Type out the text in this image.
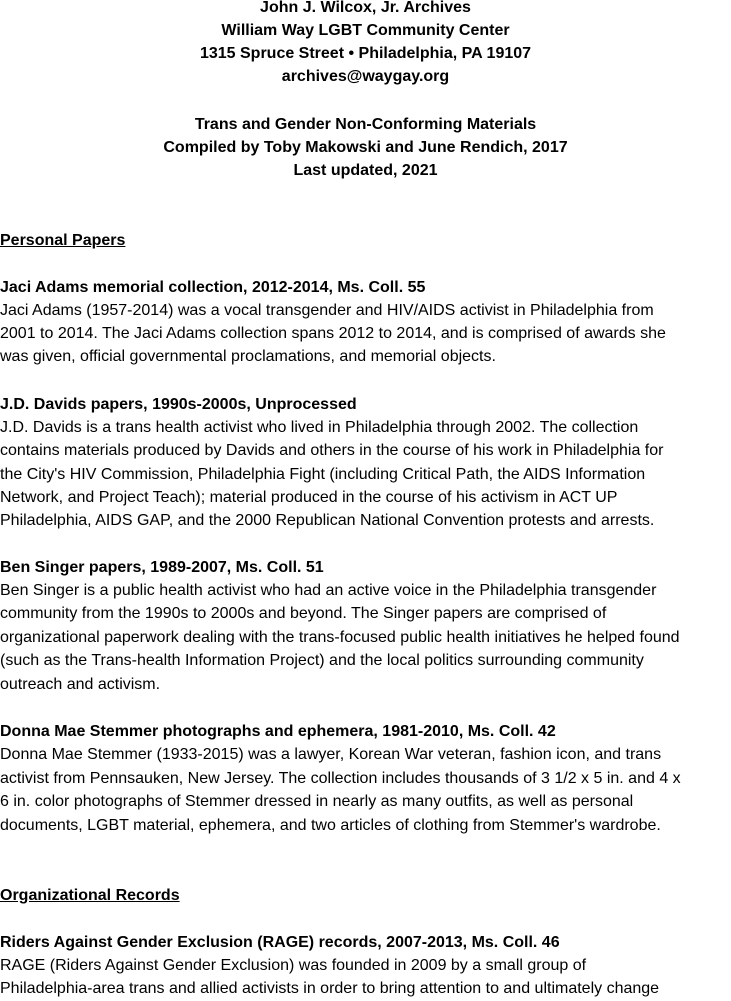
John J. Wilcox, Jr. Archives
William Way LGBT Community Center
1315 Spruce Street • Philadelphia, PA 19107
archives@waygay.org
Trans and Gender Non-Conforming Materials
Compiled by Toby Makowski and June Rendich, 2017
Last updated, 2021
Personal Papers
Jaci Adams memorial collection, 2012-2014, Ms. Coll. 55
Jaci Adams (1957-2014) was a vocal transgender and HIV/AIDS activist in Philadelphia from
2001 to 2014. The Jaci Adams collection spans 2012 to 2014, and is comprised of awards she
was given, official governmental proclamations, and memorial objects.
J.D. Davids papers, 1990s-2000s, Unprocessed
J.D. Davids is a trans health activist who lived in Philadelphia through 2002. The collection
contains materials produced by Davids and others in the course of his work in Philadelphia for
the City's HIV Commission, Philadelphia Fight (including Critical Path, the AIDS Information
Network, and Project Teach); material produced in the course of his activism in ACT UP
Philadelphia, AIDS GAP, and the 2000 Republican National Convention protests and arrests.
Ben Singer papers, 1989-2007, Ms. Coll. 51
Ben Singer is a public health activist who had an active voice in the Philadelphia transgender
community from the 1990s to 2000s and beyond. The Singer papers are comprised of
organizational paperwork dealing with the trans-focused public health initiatives he helped found
(such as the Trans-health Information Project) and the local politics surrounding community
outreach and activism.
Donna Mae Stemmer photographs and ephemera, 1981-2010, Ms. Coll. 42
Donna Mae Stemmer (1933-2015) was a lawyer, Korean War veteran, fashion icon, and trans
activist from Pennsauken, New Jersey. The collection includes thousands of 3 1/2 x 5 in. and 4 x
6 in. color photographs of Stemmer dressed in nearly as many outfits, as well as personal
documents, LGBT material, ephemera, and two articles of clothing from Stemmer's wardrobe.
Organizational Records
Riders Against Gender Exclusion (RAGE) records, 2007-2013, Ms. Coll. 46
RAGE (Riders Against Gender Exclusion) was founded in 2009 by a small group of
Philadelphia-area trans and allied activists in order to bring attention to and ultimately change
